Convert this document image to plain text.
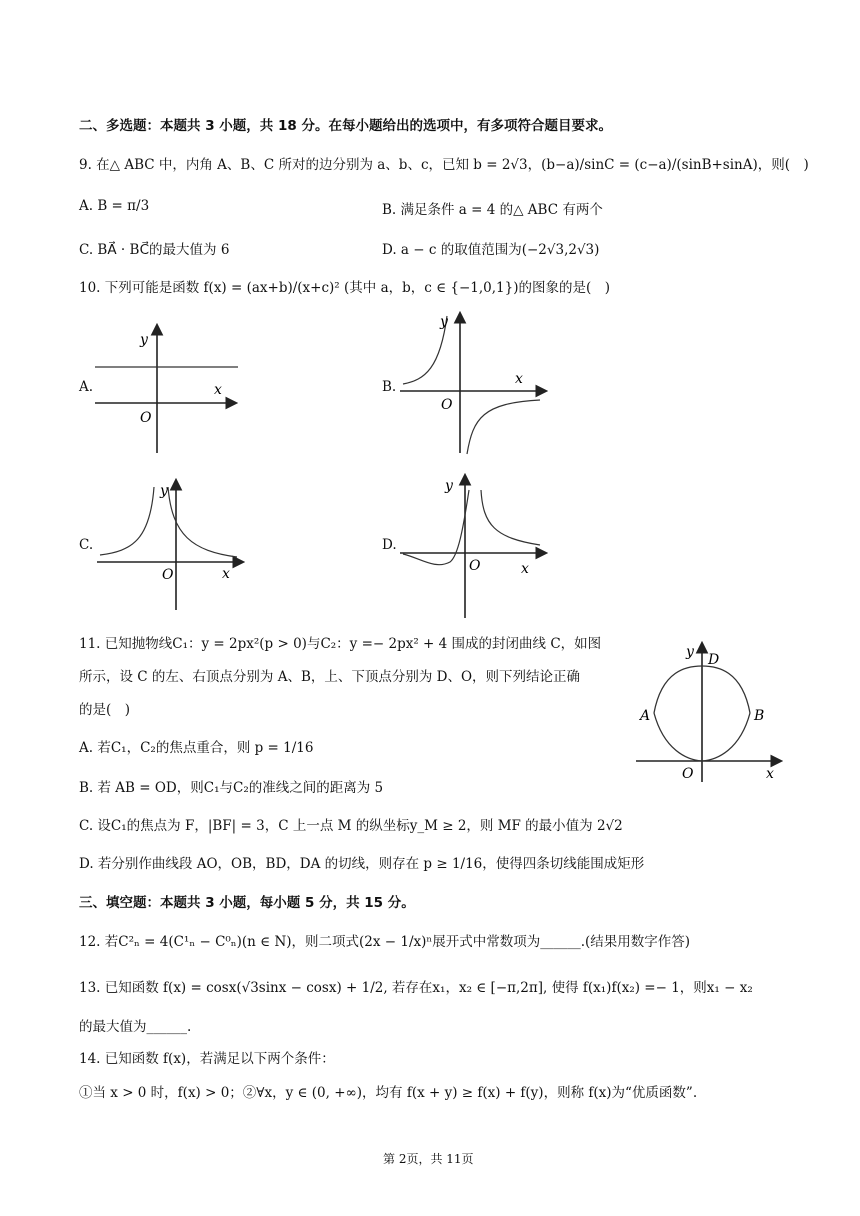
二、多选题：本题共 3 小题，共 18 分。在每小题给出的选项中，有多项符合题目要求。
9. 在△ ABC 中，内角 A、B、C 所对的边分别为 a、b、c，已知 b = 2√3，(b−a)/sinC = (c−a)/(sinB+sinA)，则(　)
A. B = π/3	B. 满足条件 a = 4 的△ ABC 有两个
C. BA⃗ · BC⃗的最大值为 6	D. a − c 的取值范围为(−2√3,2√3)
10. 下列可能是函数 f(x) = (ax+b)/(x+c)² (其中 a，b，c ∈ {−1,0,1})的图象的是(　)
A.	B.
C.	D.
x
y
O
x
y
O
x
y
O	x
y
O
11. 已知抛物线C₁：y = 2px²(p > 0)与C₂：y =− 2px² + 4 围成的封闭曲线 C，如图
所示，设 C 的左、右顶点分别为 A、B，上、下顶点分别为 D、O，则下列结论正确
的是(　)
A. 若C₁，C₂的焦点重合，则 p = 1/16
B. 若 AB = OD，则C₁与C₂的准线之间的距离为 5
C. 设C₁的焦点为 F，|BF| = 3，C 上一点 M 的纵坐标y_M ≥ 2，则 MF 的最小值为 2√2
D. 若分别作曲线段 AO，OB，BD，DA 的切线，则存在 p ≥ 1/16，使得四条切线能围成矩形
A	B
D
O	x
y
三、填空题：本题共 3 小题，每小题 5 分，共 15 分。
12. 若C²ₙ = 4(C¹ₙ − C⁰ₙ)(n ∈ N)，则二项式(2x − 1/x)ⁿ展开式中常数项为______.(结果用数字作答)
13. 已知函数 f(x) = cosx(√3sinx − cosx) + 1/2, 若存在x₁，x₂ ∈ [−π,2π], 使得 f(x₁)f(x₂) =− 1，则x₁ − x₂
的最大值为______.
14. 已知函数 f(x)，若满足以下两个条件：
①当 x > 0 时，f(x) > 0；②∀x，y ∈ (0, +∞)，均有 f(x + y) ≥ f(x) + f(y)，则称 f(x)为“优质函数”.
第 2页，共 11页
